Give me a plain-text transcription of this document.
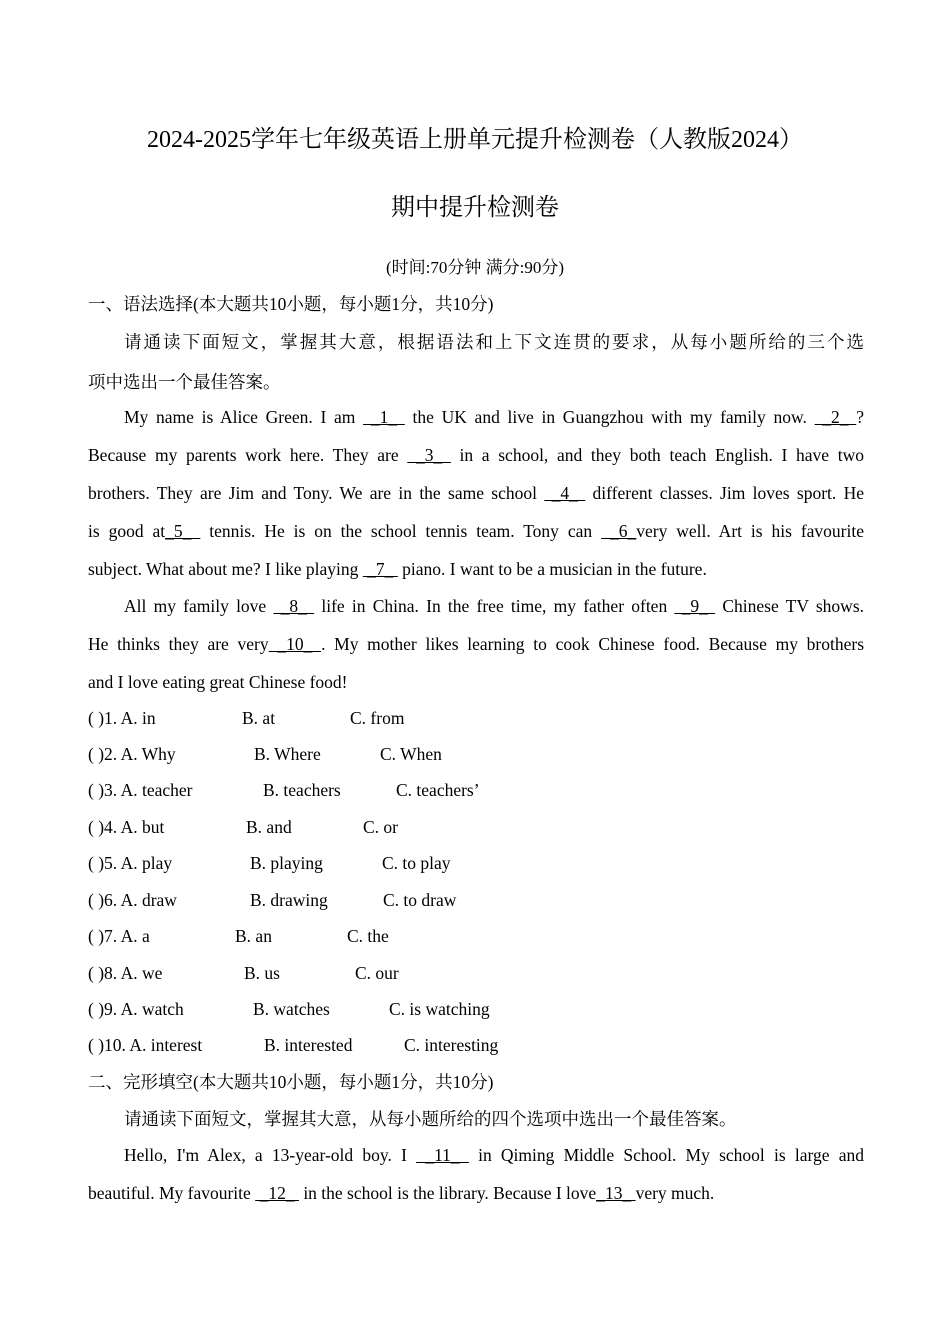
2024-2025学年七年级英语上册单元提升检测卷（人教版2024）
期中提升检测卷
(时间:70分钟 满分:90分)
一、语法选择(本大题共10小题，每小题1分，共10分)
请通读下面短文，掌握其大意，根据语法和上下文连贯的要求，从每小题所给的三个选
项中选出一个最佳答案。
My name is Alice Green. I am  _1_  the UK and live in Guangzhou with my family now.  _2_ ?
Because my parents work here. They are  _3_  in a school, and they both teach English. I have two
brothers. They are Jim and Tony. We are in the same school  _4_  different classes. Jim loves sport. He
is good at_5_  tennis. He is on the school tennis team. Tony can  _6_very well. Art is his favourite
subject. What about me? I like playing  _7_  piano. I want to be a musician in the future.
All my family love  _8_  life in China. In the free time, my father often  _9_  Chinese TV shows.
He thinks they are very _10_ . My mother likes learning to cook Chinese food. Because my brothers
and I love eating great Chinese food!
( )1. A. in	B. at	C. from
( )2. A. Why	B. Where	C. When
( )3. A. teacher	B. teachers	C. teachers’
( )4. A. but	B. and	C. or
( )5. A. play	B. playing	C. to play
( )6. A. draw	B. drawing	C. to draw
( )7. A. a	B. an	C. the
( )8. A. we	B. us	C. our
( )9. A. watch	B. watches	C. is watching
( )10. A. interest	B. interested	C. interesting
二、完形填空(本大题共10小题，每小题1分，共10分)
请通读下面短文，掌握其大意，从每小题所给的四个选项中选出一个最佳答案。
Hello, I'm Alex, a 13-year-old boy. I  _11_  in Qiming Middle School. My school is large and
beautiful. My favourite  _12_  in the school is the library. Because I love_13_ very much.
